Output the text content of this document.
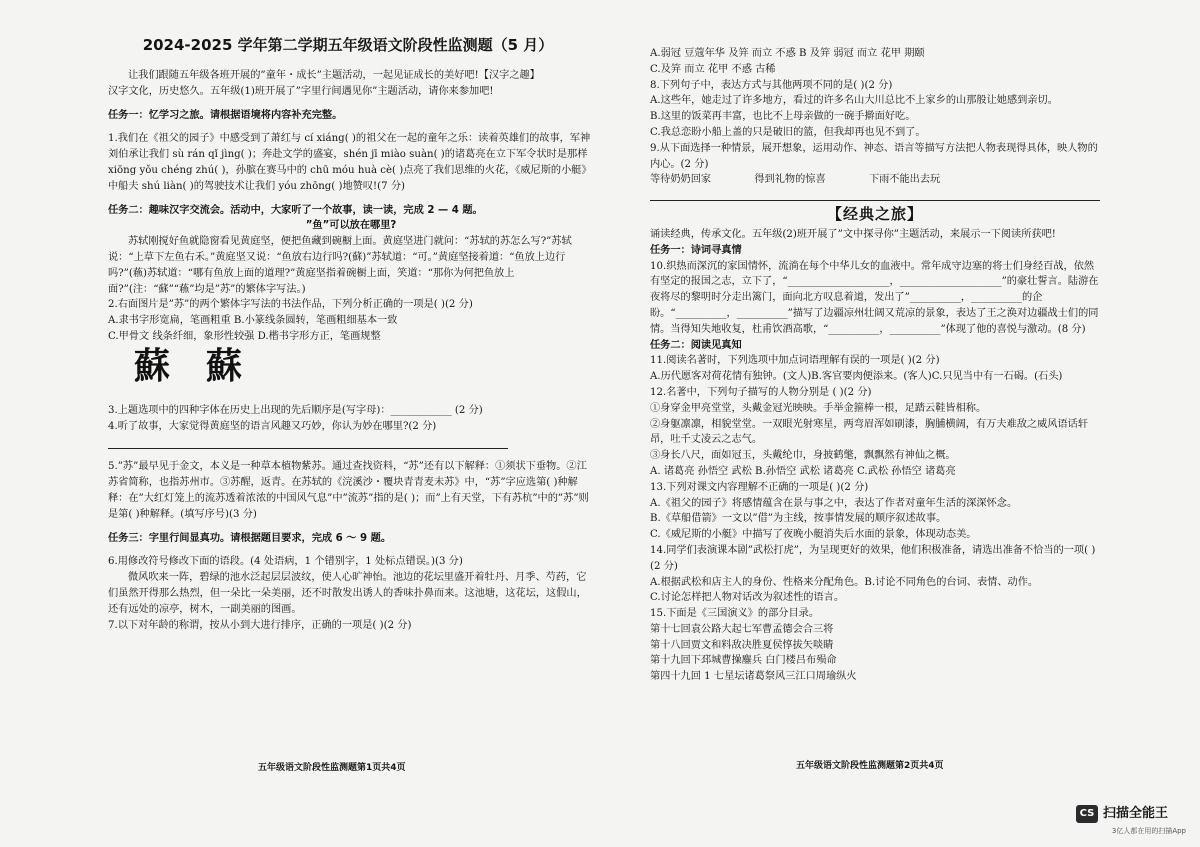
2024-2025 学年第二学期五年级语文阶段性监测题（5 月）

让我们跟随五年级各班开展的”童年・成长”主题活动，一起见证成长的美好吧!【汉字之趣】

汉字文化，历史悠久。五年级(1)班开展了”字里行间遇见你”主题活动，请你来参加吧!

任务一：忆学习之旅。请根据语境将内容补充完整。

1.我们在《祖父的园子》中感受到了萧红与 cí xiáng( )的祖父在一起的童年之乐：读着英雄们的故事，军神刘伯承让我们 sù rán qǐ jìng( )；奔赴文学的盛宴，shén jī miào suàn( )的诸葛亮在立下军令状时是那样 xiōng yǒu chéng zhú( )，孙膑在赛马中的 chū móu huà cè( )点亮了我们思维的火花，《威尼斯的小艇》中船夫 shú liàn( )的驾驶技术让我们 yóu zhōng( )地赞叹!(7 分)

任务二：趣味汉字交流会。活动中，大家听了一个故事，读一读，完成 2 — 4 题。

”鱼”可以放在哪里?

苏轼刚搅好鱼就隐窗看见黄庭坚，便把鱼藏到碗橱上面。黄庭坚进门就问：“苏轼的苏怎么写?”苏轼说：“上草下左鱼右禾。”黄庭坚又说：“鱼放右边行吗?(蘇)”苏轼道：“可。”黄庭坚接着道：“鱼放上边行吗?”(蘓)苏轼道：“哪有鱼放上面的道理?”黄庭坚指着碗橱上面，笑道：“那你为何把鱼放上面?”(注：“蘇”“蘓”均是”苏”的繁体字写法。)

2.右面图片是”苏”的两个繁体字写法的书法作品，下列分析正确的一项是( )(2 分)

A.隶书字形宽扁，笔画粗重 B.小篆线条圆转，笔画粗细基本一致

C.甲骨文 线条纤细，象形性较强 D.楷书字形方正，笔画规整

蘇 蘇

3.上题选项中的四种字体在历史上出现的先后顺序是(写字母)：____________ (2 分)

4.听了故事，大家觉得黄庭坚的语言风趣又巧妙，你认为妙在哪里?(2 分)

5.”苏”最早见于金文，本义是一种草本植物紫苏。通过查找资料，“苏”还有以下解释：①须状下垂物。②江苏省简称，也指苏州市。③苏醒，返青。在苏轼的《浣溪沙・覆块青青麦未苏》中，“苏”字应选第( )种解释：在”大红灯笼上的流苏透着浓浓的中国风气息”中”流苏”指的是( )；而”上有天堂，下有苏杭”中的”苏”则是第( )种解释。(填写序号)(3 分)

任务三：字里行间显真功。请根据题目要求，完成 6 ～ 9 题。

6.用修改符号修改下面的语段。(4 处语病，1 个错别字，1 处标点错误。)(3 分)

微风吹来一阵，碧绿的池水泛起层层波纹，使人心旷神怡。池边的花坛里盛开着牡丹、月季、芍药，它们虽然开得那么热烈，但一朵比一朵美丽，还不时散发出诱人的香味扑鼻而来。这池塘，这花坛，这假山，还有远处的凉亭，树木，一副美丽的图画。

7.以下对年龄的称谓，按从小到大进行排序，正确的一项是( )(2 分)

五年级语文阶段性监测题第1页共4页

A.弱冠 豆蔻年华 及笄 而立 不惑 B 及笄 弱冠 而立 花甲 期颐

C.及笄 而立 花甲 不惑 古稀

8.下列句子中，表达方式与其他两项不同的是( )(2 分)

A.这些年，她走过了许多地方，看过的许多名山大川总比不上家乡的山那般让她感到亲切。

B.这里的饭菜再丰富，也比不上母亲做的一碗手擀面好吃。

C.我总恋盼小船上盖的只是破旧的篮，但我却再也见不到了。

9.从下面选择一种情景，展开想象，运用动作、神态、语言等描写方法把人物表现得具体，映人物的内心。(2 分)

等待奶奶回家	得到礼物的惊喜	下雨不能出去玩

【经典之旅】

诵读经典，传承文化。五年级(2)班开展了”文中探寻你”主题活动，来展示一下阅读所获吧!

任务一：诗词寻真情

10.织热而深沉的家国情怀，流淌在每个中华儿女的血液中。常年成守边塞的将士们身经百战，依然有坚定的报国之志，立下了，“____________________，____________________”的豪壮誓言。陆游在夜将尽的黎明时分走出篱门，面向北方叹息着道，发出了”__________，__________的企盼。“__________，__________”描写了边疆凉州壮阔又荒凉的景象，表达了王之涣对边疆战士们的同情。当得知失地收复，杜甫饮酒高歌，“__________，__________”体现了他的喜悦与激动。(8 分)

任务二：阅读见真知

11.阅读名著时，下列选项中加点词语理解有误的一项是( )(2 分)

A.历代愿客对荷花情有独钟。(文人)B.客官要肉便添来。(客人)C.只见当中有一石碣。(石头)

12.名著中，下列句子描写的人物分别是 ( )(2 分)

①身穿金甲亮堂堂，头戴金冠光映映。手举金箍棒一根，足踏云鞋皆相称。

②身躯凛凛，相貌堂堂。一双眼光射寒星，两弯眉浑如刷漆，胸脯横阔，有万夫难敌之威风语话轩昂，吐千丈凌云之志气。

③身长八尺，面如冠玉，头戴纶巾，身披鹤氅，飘飘然有神仙之概。

A. 诸葛亮 孙悟空 武松 B.孙悟空 武松 诸葛亮 C.武松 孙悟空 诸葛亮

13.下列对课文内容理解不正确的一项是( )(2 分)

A.《祖父的园子》将感情蕴含在景与事之中，表达了作者对童年生活的深深怀念。

B.《草船借箭》一文以”借”为主线，按事情发展的顺序叙述故事。

C.《威尼斯的小艇》中描写了夜晚小艇消失后水面的景象，体现动态美。

14.同学们表演课本剧”武松打虎”，为呈现更好的效果，他们积极准备，请选出准备不恰当的一项( )(2 分)

A.根据武松和店主人的身份、性格来分配角色。B.讨论不同角色的台词、表情、动作。

C.讨论怎样把人物对话改为叙述性的语言。

15.下面是《三国演义》的部分目录。

第十七回袁公路大起七军曹孟德会合三将

第十八回贾文和料敌决胜夏侯惇拔矢啖睛

第十九回下邳城曹操鏖兵 白门楼吕布殒命

第四十九回 1 七星坛诸葛祭风三江口周瑜纵火

五年级语文阶段性监测题第2页共4页
CS 扫描全能王
3亿人都在用的扫描App
